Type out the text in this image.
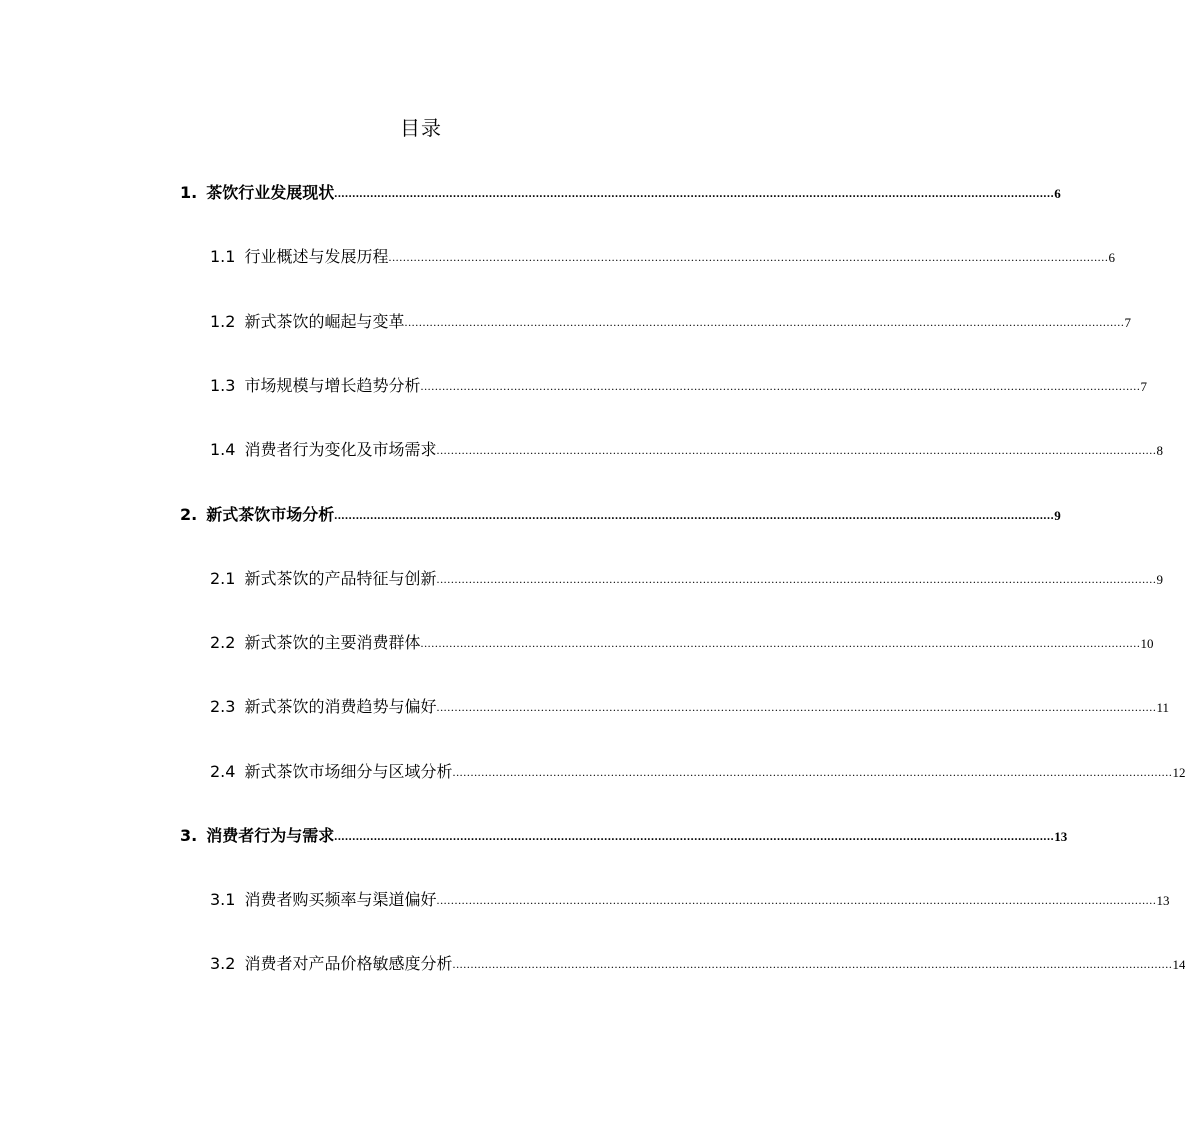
目录
1. 茶饮行业发展现状 ........................................................................................................................................................................................................ 6
1.1 行业概述与发展历程 ........................................................................................................................................................................................................ 6
1.2 新式茶饮的崛起与变革 ........................................................................................................................................................................................................ 7
1.3 市场规模与增长趋势分析 ........................................................................................................................................................................................................ 7
1.4 消费者行为变化及市场需求 ........................................................................................................................................................................................................ 8
2. 新式茶饮市场分析 ........................................................................................................................................................................................................ 9
2.1 新式茶饮的产品特征与创新 ........................................................................................................................................................................................................ 9
2.2 新式茶饮的主要消费群体 ........................................................................................................................................................................................................ 10
2.3 新式茶饮的消费趋势与偏好 ........................................................................................................................................................................................................ 11
2.4 新式茶饮市场细分与区域分析 ........................................................................................................................................................................................................ 12
3. 消费者行为与需求 ........................................................................................................................................................................................................ 13
3.1 消费者购买频率与渠道偏好 ........................................................................................................................................................................................................ 13
3.2 消费者对产品价格敏感度分析 ........................................................................................................................................................................................................ 14
